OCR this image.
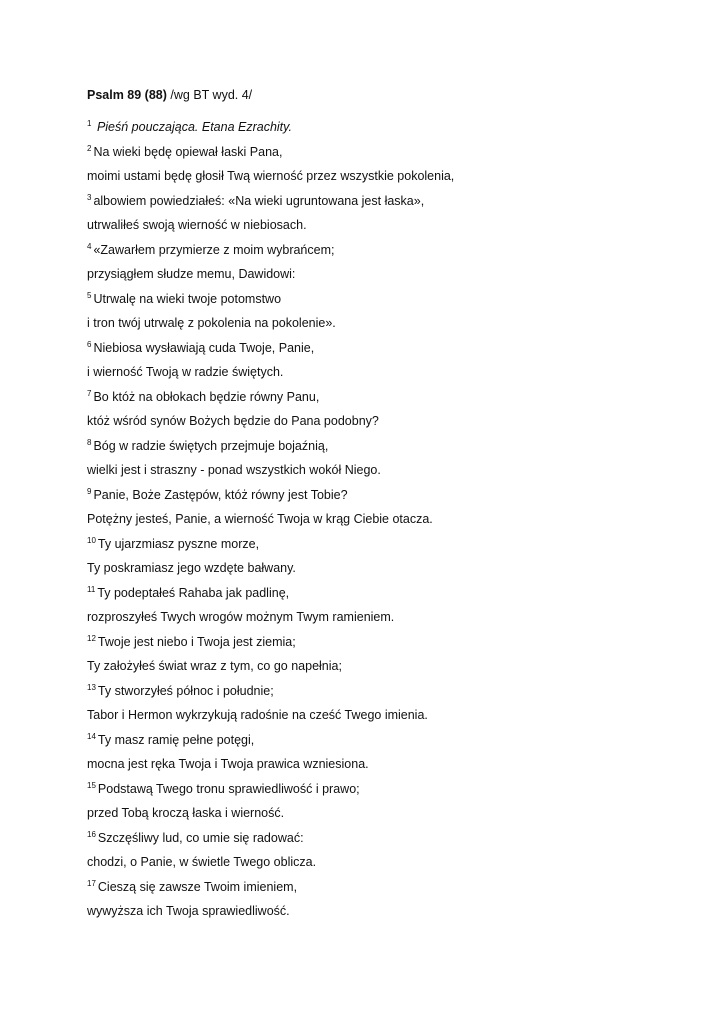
Psalm 89 (88) /wg BT wyd. 4/
$^1$ Pieśń pouczająca. Etana Ezrachity.
$^2$ Na wieki będę opiewał łaski Pana,
moimi ustami będę głosił Twą wierność przez wszystkie pokolenia,
$^3$ albowiem powiedziałeś: «Na wieki ugruntowana jest łaska»,
utrwaliłeś swoją wierność w niebiosach.
$^4$ «Zawarłem przymierze z moim wybrańcem;
przysiągłem słudze memu, Dawidowi:
$^5$ Utrwalę na wieki twoje potomstwo
i tron twój utrwalę z pokolenia na pokolenie».
$^6$ Niebiosa wysławiają cuda Twoje, Panie,
i wierność Twoją w radzie świętych.
$^7$ Bo któż na obłokach będzie równy Panu,
któż wśród synów Bożych będzie do Pana podobny?
$^8$ Bóg w radzie świętych przejmuje bojaźnią,
wielki jest i straszny - ponad wszystkich wokół Niego.
$^9$ Panie, Boże Zastępów, któż równy jest Tobie?
Potężny jesteś, Panie, a wierność Twoja w krąg Ciebie otacza.
$^{10}$ Ty ujarzmiasz pyszne morze,
Ty poskramiasz jego wzdęte bałwany.
$^{11}$ Ty podeptałeś Rahaba jak padlinę,
rozproszyłeś Twych wrogów możnym Twym ramieniem.
$^{12}$ Twoje jest niebo i Twoja jest ziemia;
Ty założyłeś świat wraz z tym, co go napełnia;
$^{13}$ Ty stworzyłeś północ i południe;
Tabor i Hermon wykrzykują radośnie na cześć Twego imienia.
$^{14}$ Ty masz ramię pełne potęgi,
mocna jest ręka Twoja i Twoja prawica wzniesiona.
$^{15}$ Podstawą Twego tronu sprawiedliwość i prawo;
przed Tobą kroczą łaska i wierność.
$^{16}$ Szczęśliwy lud, co umie się radować:
chodzi, o Panie, w świetle Twego oblicza.
$^{17}$ Cieszą się zawsze Twoim imieniem,
wywyższa ich Twoja sprawiedliwość.
